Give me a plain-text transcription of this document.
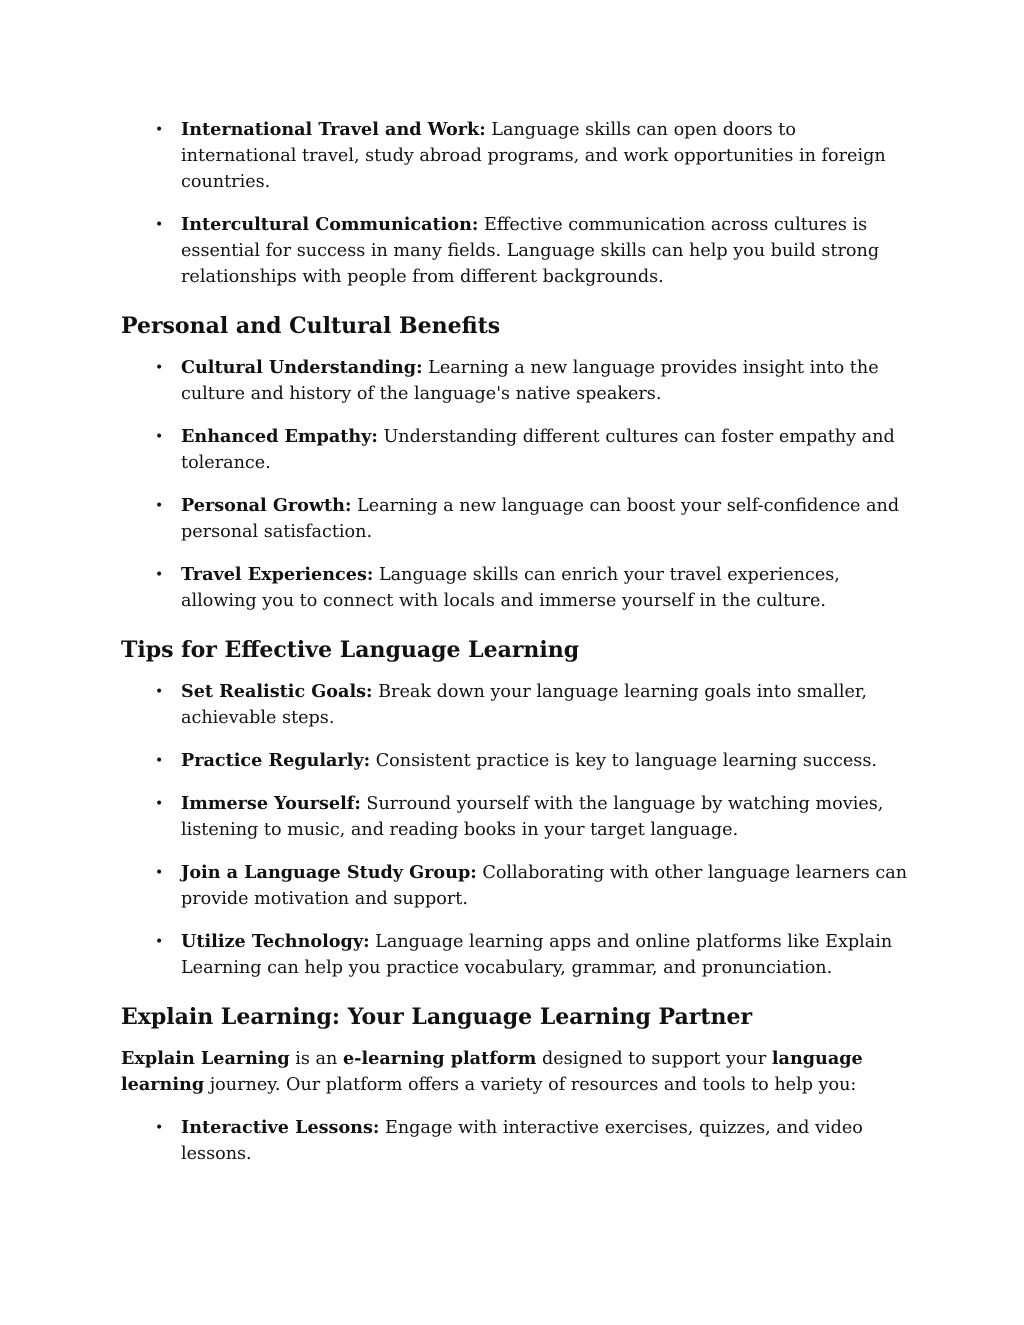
• International Travel and Work: Language skills can open doors to international travel, study abroad programs, and work opportunities in foreign countries.
• Intercultural Communication: Effective communication across cultures is essential for success in many fields. Language skills can help you build strong relationships with people from different backgrounds.
Personal and Cultural Benefits
• Cultural Understanding: Learning a new language provides insight into the culture and history of the language's native speakers.
• Enhanced Empathy: Understanding different cultures can foster empathy and tolerance.
• Personal Growth: Learning a new language can boost your self-confidence and personal satisfaction.
• Travel Experiences: Language skills can enrich your travel experiences, allowing you to connect with locals and immerse yourself in the culture.
Tips for Effective Language Learning
• Set Realistic Goals: Break down your language learning goals into smaller, achievable steps.
• Practice Regularly: Consistent practice is key to language learning success.
• Immerse Yourself: Surround yourself with the language by watching movies, listening to music, and reading books in your target language.
• Join a Language Study Group: Collaborating with other language learners can provide motivation and support.
• Utilize Technology: Language learning apps and online platforms like Explain Learning can help you practice vocabulary, grammar, and pronunciation.
Explain Learning: Your Language Learning Partner

Explain Learning is an e-learning platform designed to support your language learning journey. Our platform offers a variety of resources and tools to help you:

• Interactive Lessons: Engage with interactive exercises, quizzes, and video lessons.
